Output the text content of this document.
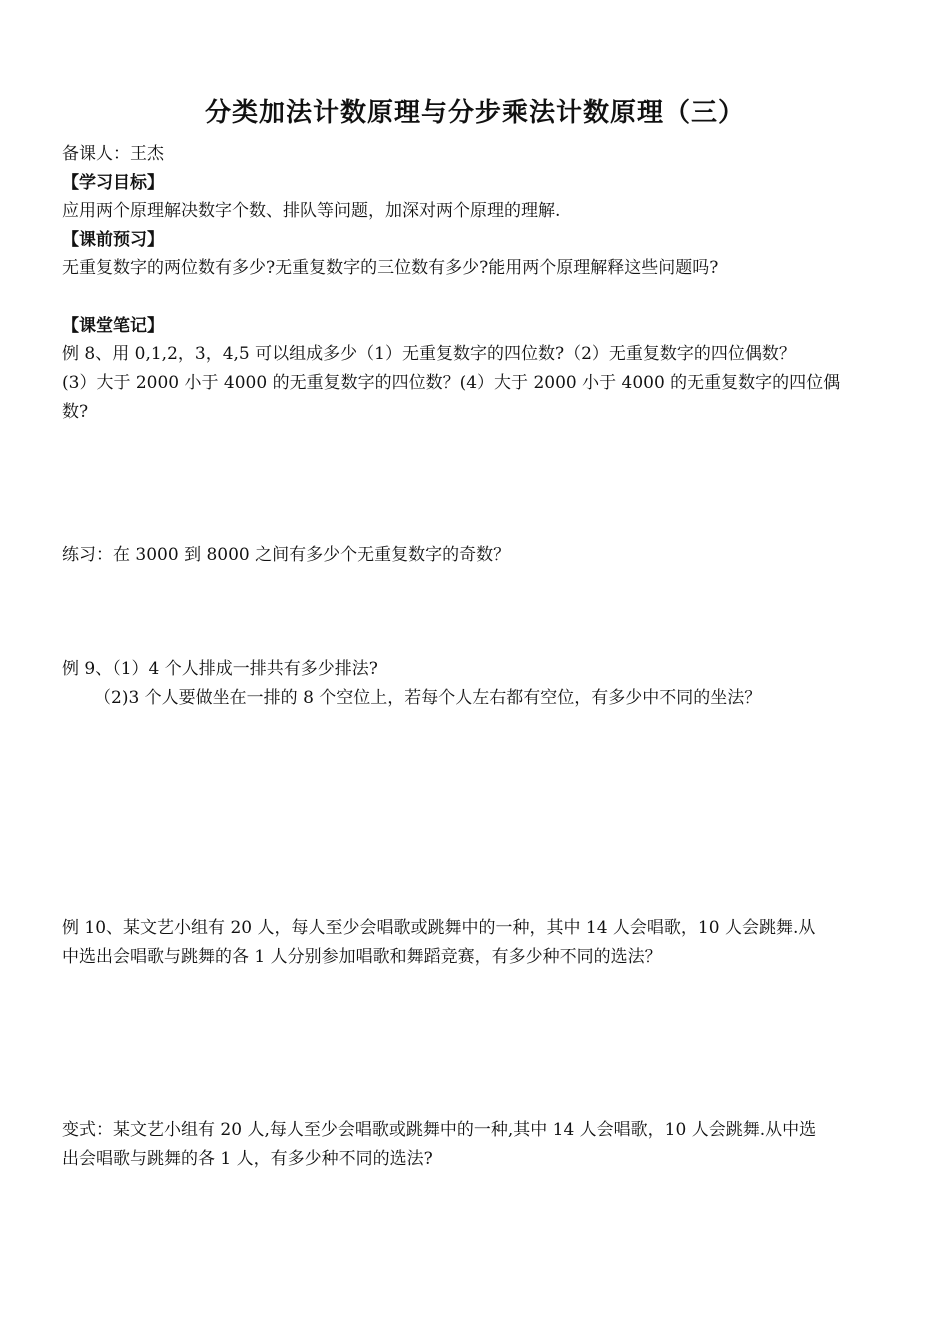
分类加法计数原理与分步乘法计数原理（三）
备课人：王杰
【学习目标】
应用两个原理解决数字个数、排队等问题，加深对两个原理的理解.
【课前预习】
无重复数字的两位数有多少?无重复数字的三位数有多少?能用两个原理解释这些问题吗?
【课堂笔记】
例 8、用 0,1,2，3，4,5 可以组成多少（1）无重复数字的四位数?（2）无重复数字的四位偶数？
(3）大于 2000 小于 4000 的无重复数字的四位数？(4）大于 2000 小于 4000 的无重复数字的四位偶
数?
练习：在 3000 到 8000 之间有多少个无重复数字的奇数？
例 9、（1）4 个人排成一排共有多少排法?
（2)3 个人要做坐在一排的 8 个空位上，若每个人左右都有空位，有多少中不同的坐法？
例 10、某文艺小组有 20 人，每人至少会唱歌或跳舞中的一种，其中 14 人会唱歌，10 人会跳舞.从
中选出会唱歌与跳舞的各 1 人分别参加唱歌和舞蹈竞赛，有多少种不同的选法？
变式：某文艺小组有 20 人,每人至少会唱歌或跳舞中的一种,其中 14 人会唱歌，10 人会跳舞.从中选
出会唱歌与跳舞的各 1 人，有多少种不同的选法?
